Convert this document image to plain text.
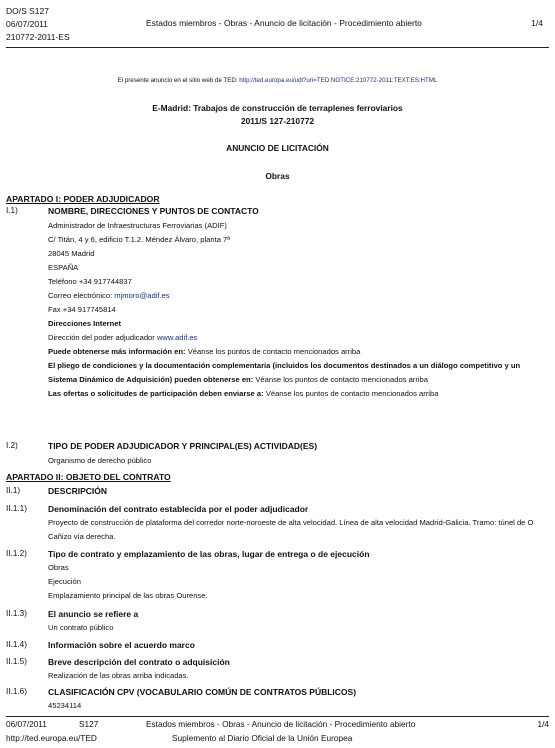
DO/S S127
06/07/2011
210772-2011-ES
Estados miembros - Obras - Anuncio de licitación - Procedimiento abierto	1/4
El presente anuncio en el sitio web de TED: http://ted.europa.eu/udl?uri=TED:NOTICE:210772-2011:TEXT:ES:HTML
E-Madrid: Trabajos de construcción de terraplenes ferroviarios
2011/S 127-210772
ANUNCIO DE LICITACIÓN
Obras
APARTADO I: PODER ADJUDICADOR
I.1)	NOMBRE, DIRECCIONES Y PUNTOS DE CONTACTO
Administrador de Infraestructuras Ferroviarias (ADIF)
C/ Titán, 4 y 6, edificio T.1.2. Méndez Álvaro, planta 7ª
28045 Madrid
ESPAÑA
Teléfono +34 917744837
Correo electrónico: mjmoro@adif.es
Fax +34 917745814
Direcciones Internet
Dirección del poder adjudicador www.adif.es
Puede obtenerse más información en: Véanse los puntos de contacto mencionados arriba
El pliego de condiciones y la documentación complementaria (incluidos los documentos destinados a un diálogo competitivo y un Sistema Dinámico de Adquisición) pueden obtenerse en: Véanse los puntos de contacto mencionados arriba
Las ofertas o solicitudes de participación deben enviarse a: Véanse los puntos de contacto mencionados arriba
I.2)	TIPO DE PODER ADJUDICADOR Y PRINCIPAL(ES) ACTIVIDAD(ES)
Organismo de derecho público
APARTADO II: OBJETO DEL CONTRATO
II.1)	DESCRIPCIÓN
II.1.1) Denominación del contrato establecida por el poder adjudicador
Proyecto de construcción de plataforma del corredor norte-noroeste de alta velocidad. Línea de alta velocidad Madrid-Galicia. Tramo: túnel de O Cañizo vía derecha.
II.1.2) Tipo de contrato y emplazamiento de las obras, lugar de entrega o de ejecución
Obras
Ejecución
Emplazamiento principal de las obras Ourense.
II.1.3) El anuncio se refiere a
Un contrato público
II.1.4) Información sobre el acuerdo marco
II.1.5) Breve descripción del contrato o adquisición
Realización de las obras arriba indicadas.
II.1.6) CLASIFICACIÓN CPV (VOCABULARIO COMÚN DE CONTRATOS PÚBLICOS)
45234114
06/07/2011	S127	Estados miembros - Obras - Anuncio de licitación - Procedimiento abierto	1/4
http://ted.europa.eu/TED	Suplemento al Diario Oficial de la Unión Europea
